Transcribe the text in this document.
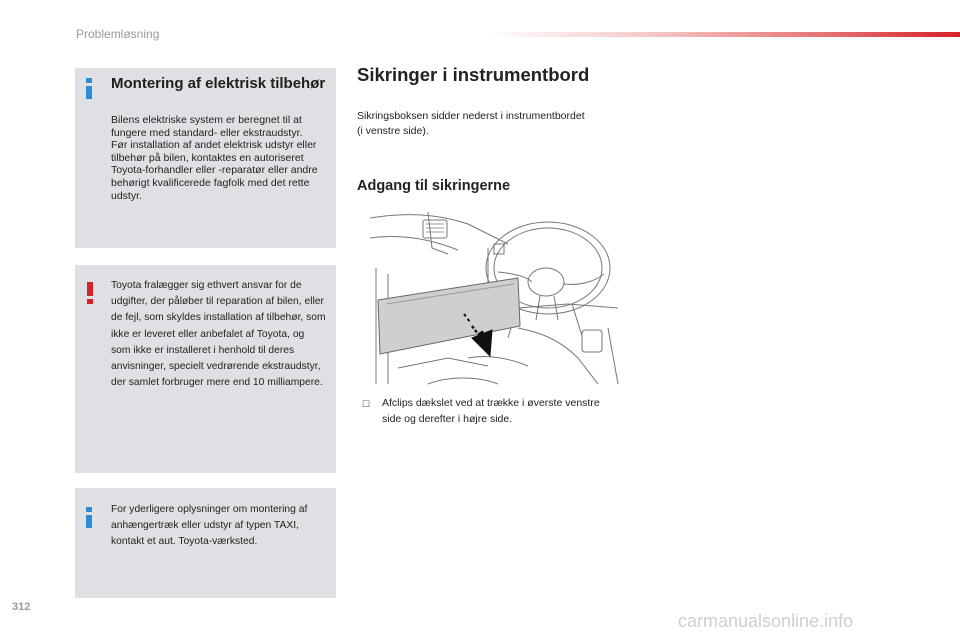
Problemløsning
Montering af elektrisk tilbehør
Bilens elektriske system er beregnet til at fungere med standard- eller ekstraudstyr.
Før installation af andet elektrisk udstyr eller tilbehør på bilen, kontaktes en autoriseret Toyota-forhandler eller -reparatør eller andre behørigt kvalificerede fagfolk med det rette udstyr.
Toyota fralægger sig ethvert ansvar for de udgifter, der påløber til reparation af bilen, eller de fejl, som skyldes installation af tilbehør, som ikke er leveret eller anbefalet af Toyota, og som ikke er installeret i henhold til deres anvisninger, specielt vedrørende ekstraudstyr, der samlet forbruger mere end 10 milliampere.
For yderligere oplysninger om montering af anhængertræk eller udstyr af typen TAXI, kontakt et aut. Toyota-værksted.
Sikringer i instrumentbord
Sikringsboksen sidder nederst i instrumentbordet (i venstre side).
Adgang til sikringerne
☐ Afclips dækslet ved at trække i øverste venstre side og derefter i højre side.
312
carmanualsonline.info
